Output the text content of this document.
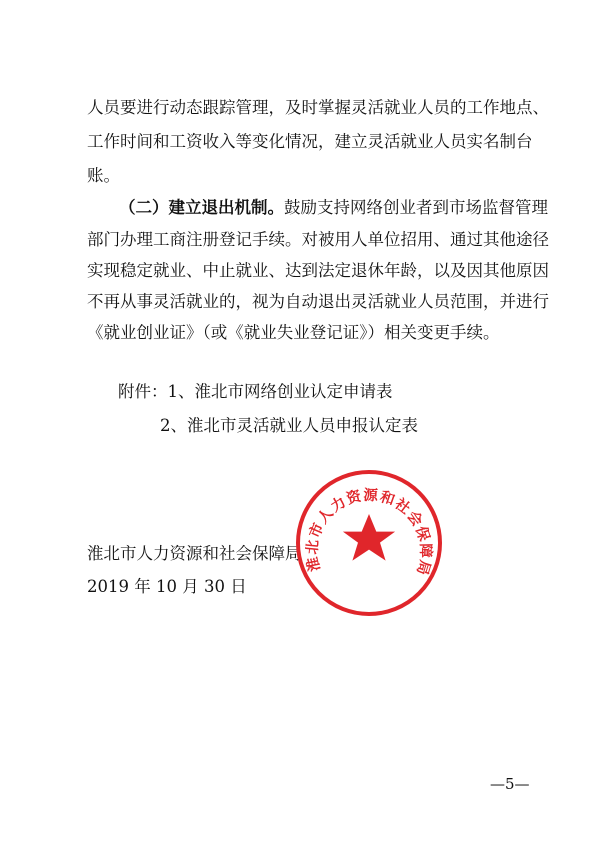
人员要进行动态跟踪管理，及时掌握灵活就业人员的工作地点、
工作时间和工资收入等变化情况，建立灵活就业人员实名制台
账。
（二）建立退出机制。鼓励支持网络创业者到市场监督管理
部门办理工商注册登记手续。对被用人单位招用、通过其他途径
实现稳定就业、中止就业、达到法定退休年龄，以及因其他原因
不再从事灵活就业的，视为自动退出灵活就业人员范围，并进行
《就业创业证》（或《就业失业登记证》）相关变更手续。
附件：1、淮北市网络创业认定申请表
2、淮北市灵活就业人员申报认定表
淮北市人力资源和社会保障局
2019 年 10 月 30 日
淮北市人力资源和社会保障局
—5—
